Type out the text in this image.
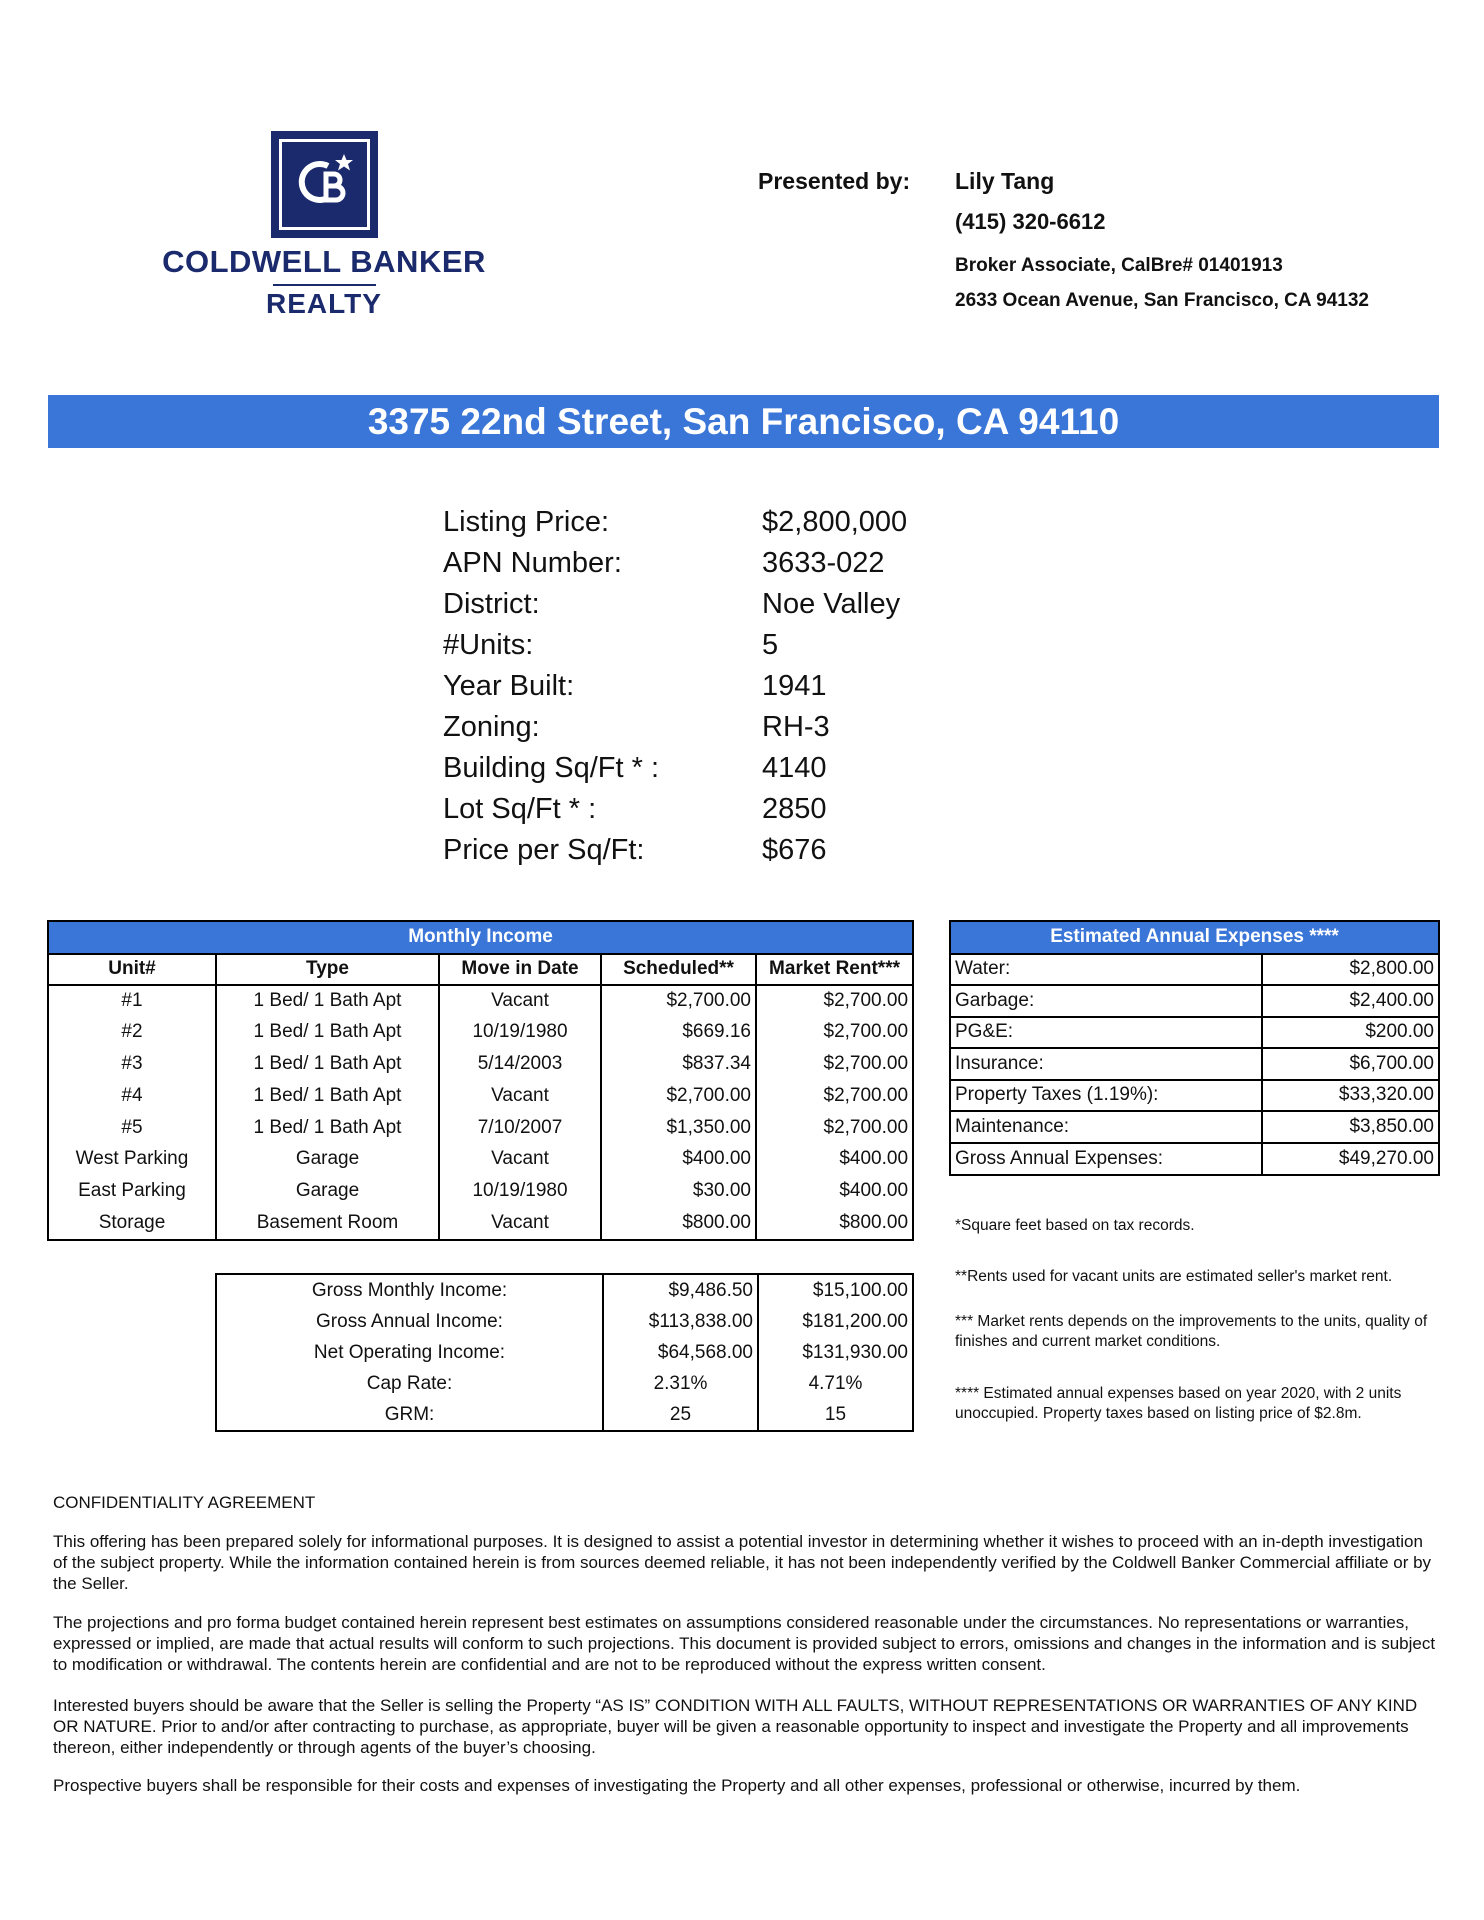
COLDWELL BANKER
REALTY
Presented by: Lily Tang
(415) 320-6612
Broker Associate, CalBre# 01401913
2633 Ocean Avenue, San Francisco, CA 94132
3375 22nd Street, San Francisco, CA 94110
Listing Price:	$2,800,000
APN Number:	3633-022
District:	Noe Valley
#Units:	5
Year Built:	1941
Zoning:	RH-3
Building Sq/Ft * :	4140
Lot Sq/Ft * :	2850
Price per Sq/Ft:	$676
Monthly Income				
Unit#	Type	Move in Date	Scheduled**	Market Rent***
#1	1 Bed/ 1 Bath Apt	Vacant	$2,700.00	$2,700.00
#2	1 Bed/ 1 Bath Apt	10/19/1980	$669.16	$2,700.00
#3	1 Bed/ 1 Bath Apt	5/14/2003	$837.34	$2,700.00
#4	1 Bed/ 1 Bath Apt	Vacant	$2,700.00	$2,700.00
#5	1 Bed/ 1 Bath Apt	7/10/2007	$1,350.00	$2,700.00
West Parking	Garage	Vacant	$400.00	$400.00
East Parking	Garage	10/19/1980	$30.00	$400.00
Storage	Basement Room	Vacant	$800.00	$800.00
Gross Monthly Income:	$9,486.50	$15,100.00
Gross Annual Income:	$113,838.00	$181,200.00
Net Operating Income:	$64,568.00	$131,930.00
Cap Rate:	2.31%	4.71%
GRM:	25	15
Estimated Annual Expenses ****	
Water:	$2,800.00
Garbage:	$2,400.00
PG&E:	$200.00
Insurance:	$6,700.00
Property Taxes (1.19%):	$33,320.00
Maintenance:	$3,850.00
Gross Annual Expenses:	$49,270.00
*Square feet based on tax records.
**Rents used for vacant units are estimated seller's market rent.
*** Market rents depends on the improvements to the units, quality of finishes and current market conditions.
**** Estimated annual expenses based on year 2020, with 2 units unoccupied. Property taxes based on listing price of $2.8m.
CONFIDENTIALITY AGREEMENT
This offering has been prepared solely for informational purposes. It is designed to assist a potential investor in determining whether it wishes to proceed with an in-depth investigation of the subject property. While the information contained herein is from sources deemed reliable, it has not been independently verified by the Coldwell Banker Commercial affiliate or by the Seller.
The projections and pro forma budget contained herein represent best estimates on assumptions considered reasonable under the circumstances. No representations or warranties, expressed or implied, are made that actual results will conform to such projections. This document is provided subject to errors, omissions and changes in the information and is subject to modification or withdrawal. The contents herein are confidential and are not to be reproduced without the express written consent.
Interested buyers should be aware that the Seller is selling the Property “AS IS” CONDITION WITH ALL FAULTS, WITHOUT REPRESENTATIONS OR WARRANTIES OF ANY KIND OR NATURE. Prior to and/or after contracting to purchase, as appropriate, buyer will be given a reasonable opportunity to inspect and investigate the Property and all improvements thereon, either independently or through agents of the buyer’s choosing.
Prospective buyers shall be responsible for their costs and expenses of investigating the Property and all other expenses, professional or otherwise, incurred by them.
